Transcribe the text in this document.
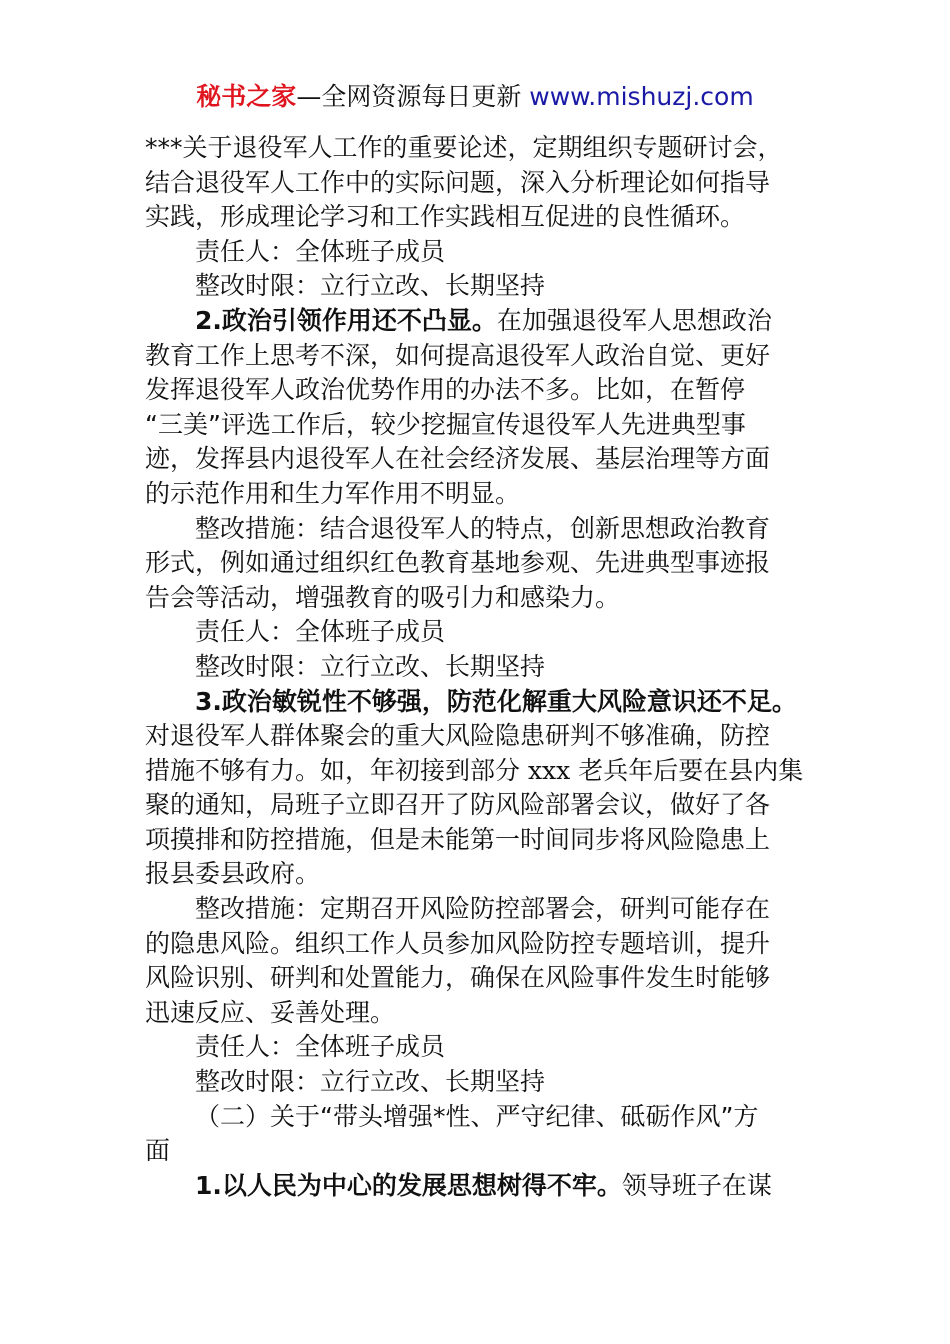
秘书之家—全网资源每日更新 www.mishuzj.com
***关于退役军人工作的重要论述，定期组织专题研讨会，
结合退役军人工作中的实际问题，深入分析理论如何指导
实践，形成理论学习和工作实践相互促进的良性循环。
责任人：全体班子成员
整改时限：立行立改、长期坚持
2.政治引领作用还不凸显。在加强退役军人思想政治
教育工作上思考不深，如何提高退役军人政治自觉、更好
发挥退役军人政治优势作用的办法不多。比如，在暂停
“三美”评选工作后，较少挖掘宣传退役军人先进典型事
迹，发挥县内退役军人在社会经济发展、基层治理等方面
的示范作用和生力军作用不明显。
整改措施：结合退役军人的特点，创新思想政治教育
形式，例如通过组织红色教育基地参观、先进典型事迹报
告会等活动，增强教育的吸引力和感染力。
责任人：全体班子成员
整改时限：立行立改、长期坚持
3.政治敏锐性不够强，防范化解重大风险意识还不足。
对退役军人群体聚会的重大风险隐患研判不够准确，防控
措施不够有力。如，年初接到部分 xxx 老兵年后要在县内集
聚的通知，局班子立即召开了防风险部署会议，做好了各
项摸排和防控措施，但是未能第一时间同步将风险隐患上
报县委县政府。
整改措施：定期召开风险防控部署会，研判可能存在
的隐患风险。组织工作人员参加风险防控专题培训，提升
风险识别、研判和处置能力，确保在风险事件发生时能够
迅速反应、妥善处理。
责任人：全体班子成员
整改时限：立行立改、长期坚持
（二）关于“带头增强*性、严守纪律、砥砺作风”方
面
1.以人民为中心的发展思想树得不牢。领导班子在谋
